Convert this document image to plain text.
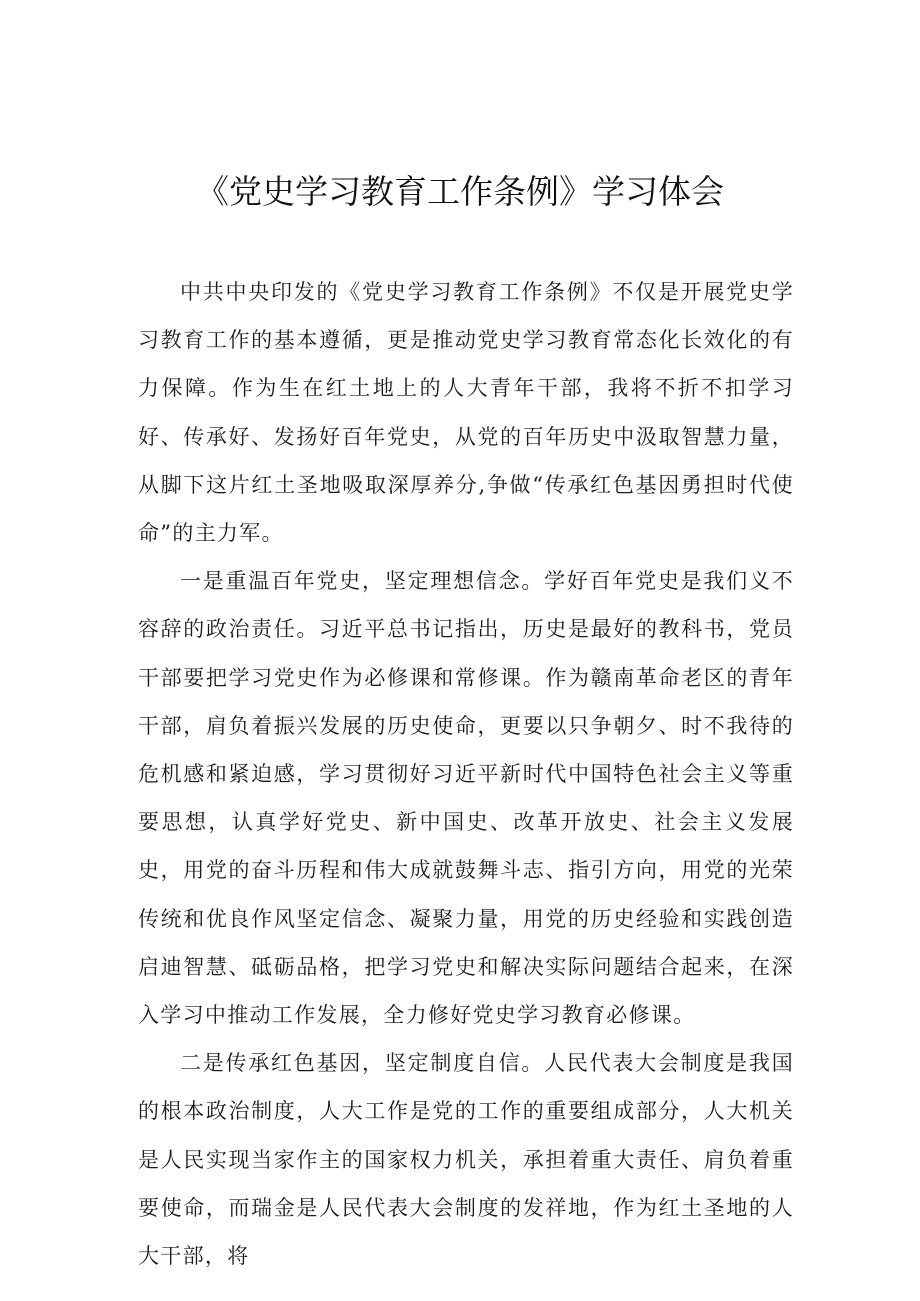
《党史学习教育工作条例》学习体会

中共中央印发的《党史学习教育工作条例》不仅是开展党史学习教育工作的基本遵循，更是推动党史学习教育常态化长效化的有力保障。作为生在红土地上的人大青年干部，我将不折不扣学习好、传承好、发扬好百年党史，从党的百年历史中汲取智慧力量，从脚下这片红土圣地吸取深厚养分,争做“传承红色基因勇担时代使命”的主力军。

一是重温百年党史，坚定理想信念。学好百年党史是我们义不容辞的政治责任。习近平总书记指出，历史是最好的教科书，党员干部要把学习党史作为必修课和常修课。作为赣南革命老区的青年干部，肩负着振兴发展的历史使命，更要以只争朝夕、时不我待的危机感和紧迫感，学习贯彻好习近平新时代中国特色社会主义等重要思想，认真学好党史、新中国史、改革开放史、社会主义发展史，用党的奋斗历程和伟大成就鼓舞斗志、指引方向，用党的光荣传统和优良作风坚定信念、凝聚力量，用党的历史经验和实践创造启迪智慧、砥砺品格，把学习党史和解决实际问题结合起来，在深入学习中推动工作发展，全力修好党史学习教育必修课。

二是传承红色基因，坚定制度自信。人民代表大会制度是我国的根本政治制度，人大工作是党的工作的重要组成部分，人大机关是人民实现当家作主的国家权力机关，承担着重大责任、肩负着重要使命，而瑞金是人民代表大会制度的发祥地，作为红土圣地的人大干部，将
